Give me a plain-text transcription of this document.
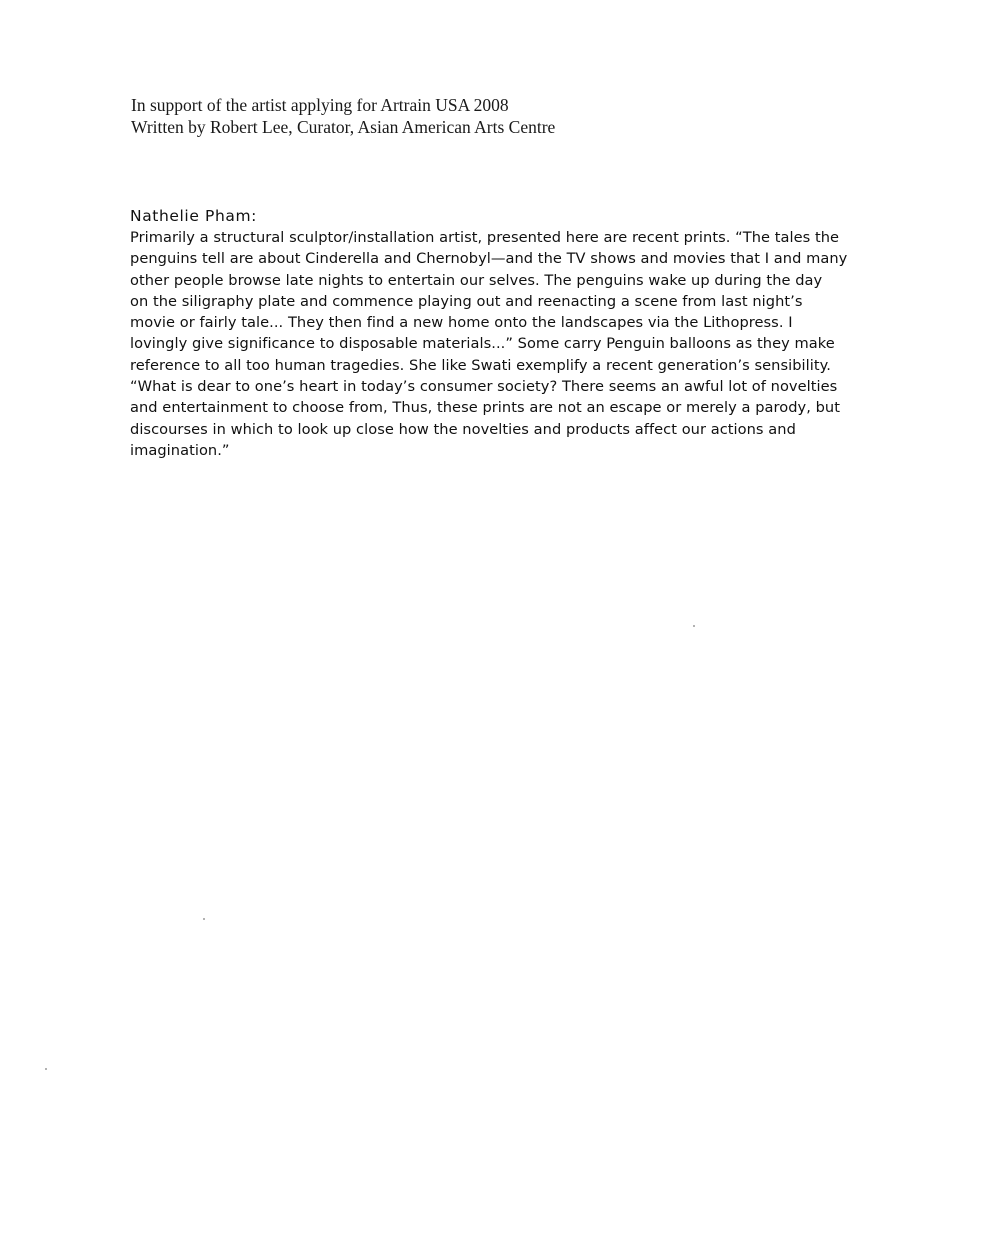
In support of the artist applying for Artrain USA 2008
Written by Robert Lee, Curator, Asian American Arts Centre
Nathelie Pham:
Primarily a structural sculptor/installation artist, presented here are recent prints. “The tales the
penguins tell are about Cinderella and Chernobyl—and the TV shows and movies that I and many
other people browse late nights to entertain our selves. The penguins wake up during the day
on the siligraphy plate and commence playing out and reenacting a scene from last night’s
movie or fairly tale... They then find a new home onto the landscapes via the Lithopress. I
lovingly give significance to disposable materials...” Some carry Penguin balloons as they make
reference to all too human tragedies. She like Swati exemplify a recent generation’s sensibility.
“What is dear to one’s heart in today’s consumer society? There seems an awful lot of novelties
and entertainment to choose from, Thus, these prints are not an escape or merely a parody, but
discourses in which to look up close how the novelties and products affect our actions and
imagination.”
